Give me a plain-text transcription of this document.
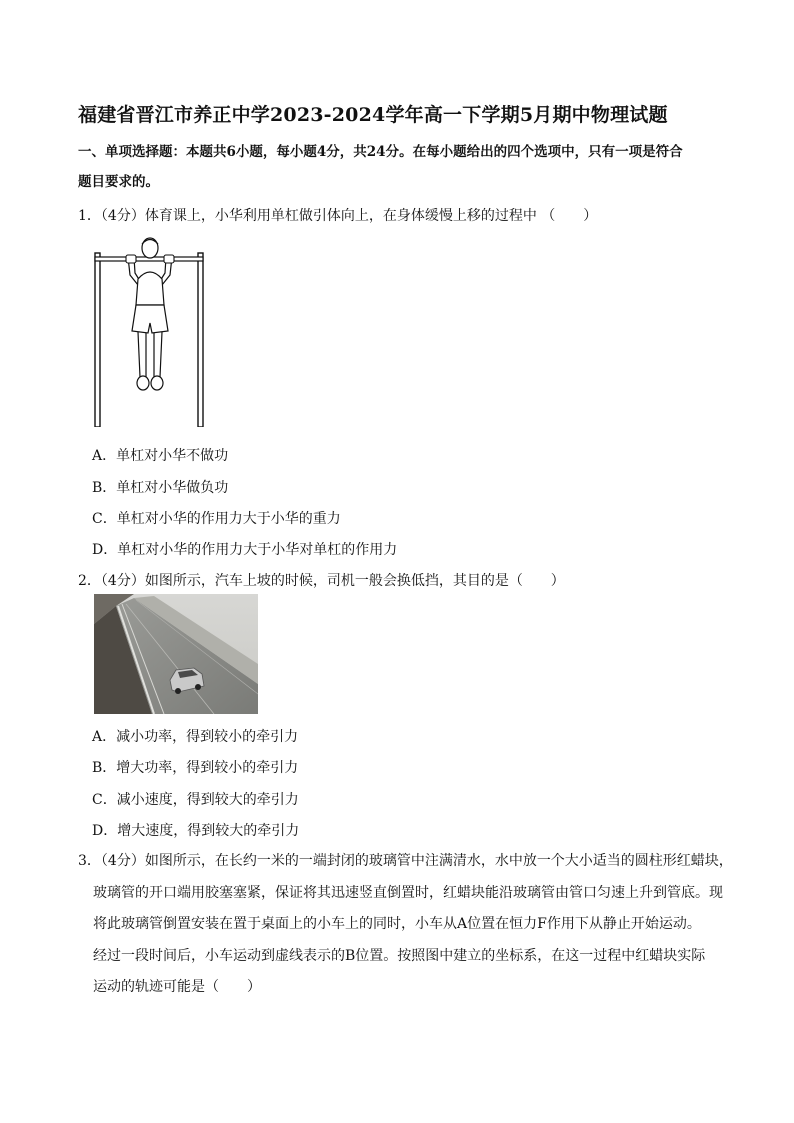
福建省晋江市养正中学2023-2024学年高一下学期5月期中物理试题
一、单项选择题：本题共6小题，每小题4分，共24分。在每小题给出的四个选项中，只有一项是符合
题目要求的。
1．（4分）体育课上，小华利用单杠做引体向上，在身体缓慢上移的过程中 （　　）
A．单杠对小华不做功
B．单杠对小华做负功
C．单杠对小华的作用力大于小华的重力
D．单杠对小华的作用力大于小华对单杠的作用力
2．（4分）如图所示，汽车上坡的时候，司机一般会换低挡，其目的是（　　）
A．减小功率，得到较小的牵引力
B．增大功率，得到较小的牵引力
C．减小速度，得到较大的牵引力
D．增大速度，得到较大的牵引力
3．（4分）如图所示，在长约一米的一端封闭的玻璃管中注满清水，水中放一个大小适当的圆柱形红蜡块，
玻璃管的开口端用胶塞塞紧，保证将其迅速竖直倒置时，红蜡块能沿玻璃管由管口匀速上升到管底。现
将此玻璃管倒置安装在置于桌面上的小车上的同时，小车从A位置在恒力F作用下从静止开始运动。
经过一段时间后，小车运动到虚线表示的B位置。按照图中建立的坐标系，在这一过程中红蜡块实际
运动的轨迹可能是（　　）
